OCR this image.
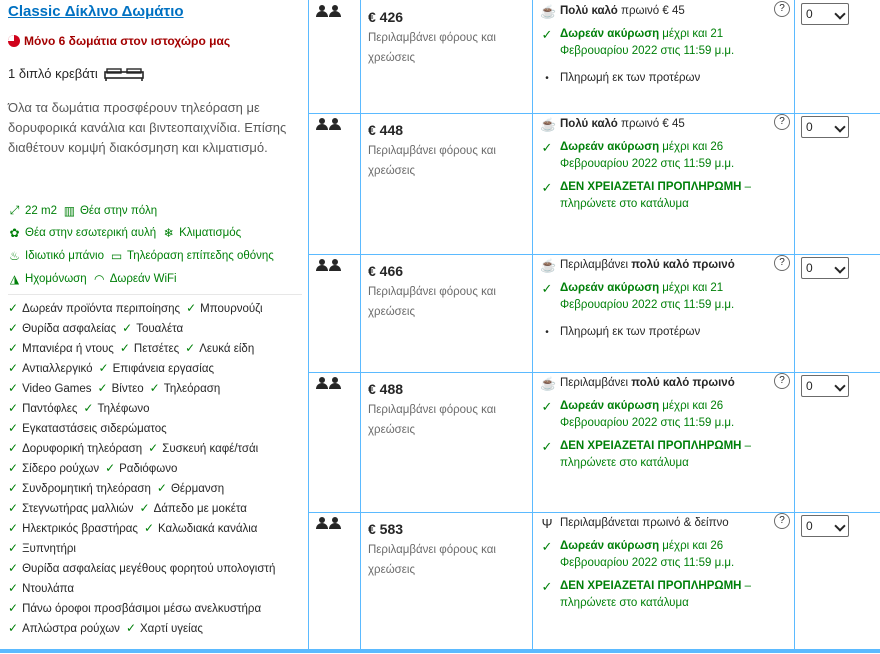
Classic Δίκλινο Δωμάτιο
Μόνο 6 δωμάτια στον ιστοχώρο μας
1 διπλό κρεβάτι
Όλα τα δωμάτια προσφέρουν τηλεόραση με δορυφορικά κανάλια και βιντεοπαιχνίδια. Επίσης διαθέτουν κομψή διακόσμηση και κλιματισμό.
⤢ 22 m2 ▥ Θέα στην πόλη
✿ Θέα στην εσωτερική αυλή ❄ Κλιματισμός
♨ Ιδιωτικό μπάνιο ▭ Τηλεόραση επίπεδης οθόνης
◮ Ηχομόνωση ◠ Δωρεάν WiFi
✓ Δωρεάν προϊόντα περιποίησης ✓ Μπουρνούζι
✓ Θυρίδα ασφαλείας ✓ Τουαλέτα
✓ Μπανιέρα ή ντους ✓ Πετσέτες ✓ Λευκά είδη
✓ Αντιαλλεργικό ✓ Επιφάνεια εργασίας
✓ Video Games ✓ Βίντεο ✓ Τηλεόραση
✓ Παντόφλες ✓ Τηλέφωνο
✓ Εγκαταστάσεις σιδερώματος
✓ Δορυφορική τηλεόραση ✓ Συσκευή καφέ/τσάι
✓ Σίδερο ρούχων ✓ Ραδιόφωνο
✓ Συνδρομητική τηλεόραση ✓ Θέρμανση
✓ Στεγνωτήρας μαλλιών ✓ Δάπεδο με μοκέτα
✓ Ηλεκτρικός βραστήρας ✓ Καλωδιακά κανάλια
✓ Ξυπνητήρι
✓ Θυρίδα ασφαλείας μεγέθους φορητού υπολογιστή
✓ Ντουλάπα
✓ Πάνω όροφοι προσβάσιμοι μέσω ανελκυστήρα
✓ Απλώστρα ρούχων ✓ Χαρτί υγείας
€ 426
Περιλαμβάνει φόρους και χρεώσεις
☕ Πολύ καλό πρωινό € 45
✓ Δωρεάν ακύρωση μέχρι και 21 Φεβρουαρίου 2022 στις 11:59 μ.μ.
• Πληρωμή εκ των προτέρων
?	0
€ 448
Περιλαμβάνει φόρους και χρεώσεις
☕ Πολύ καλό πρωινό € 45
✓ Δωρεάν ακύρωση μέχρι και 26 Φεβρουαρίου 2022 στις 11:59 μ.μ.
✓ ΔΕΝ ΧΡΕΙΑΖΕΤΑΙ ΠΡΟΠΛΗΡΩΜΗ – πληρώνετε στο κατάλυμα
?	0
€ 466
Περιλαμβάνει φόρους και χρεώσεις
☕ Περιλαμβάνει πολύ καλό πρωινό
✓ Δωρεάν ακύρωση μέχρι και 21 Φεβρουαρίου 2022 στις 11:59 μ.μ.
• Πληρωμή εκ των προτέρων
?	0
€ 488
Περιλαμβάνει φόρους και χρεώσεις
☕ Περιλαμβάνει πολύ καλό πρωινό
✓ Δωρεάν ακύρωση μέχρι και 26 Φεβρουαρίου 2022 στις 11:59 μ.μ.
✓ ΔΕΝ ΧΡΕΙΑΖΕΤΑΙ ΠΡΟΠΛΗΡΩΜΗ – πληρώνετε στο κατάλυμα
?	0
€ 583
Περιλαμβάνει φόρους και χρεώσεις
Ψ Περιλαμβάνεται πρωινό & δείπνο
✓ Δωρεάν ακύρωση μέχρι και 26 Φεβρουαρίου 2022 στις 11:59 μ.μ.
✓ ΔΕΝ ΧΡΕΙΑΖΕΤΑΙ ΠΡΟΠΛΗΡΩΜΗ – πληρώνετε στο κατάλυμα
?	0
